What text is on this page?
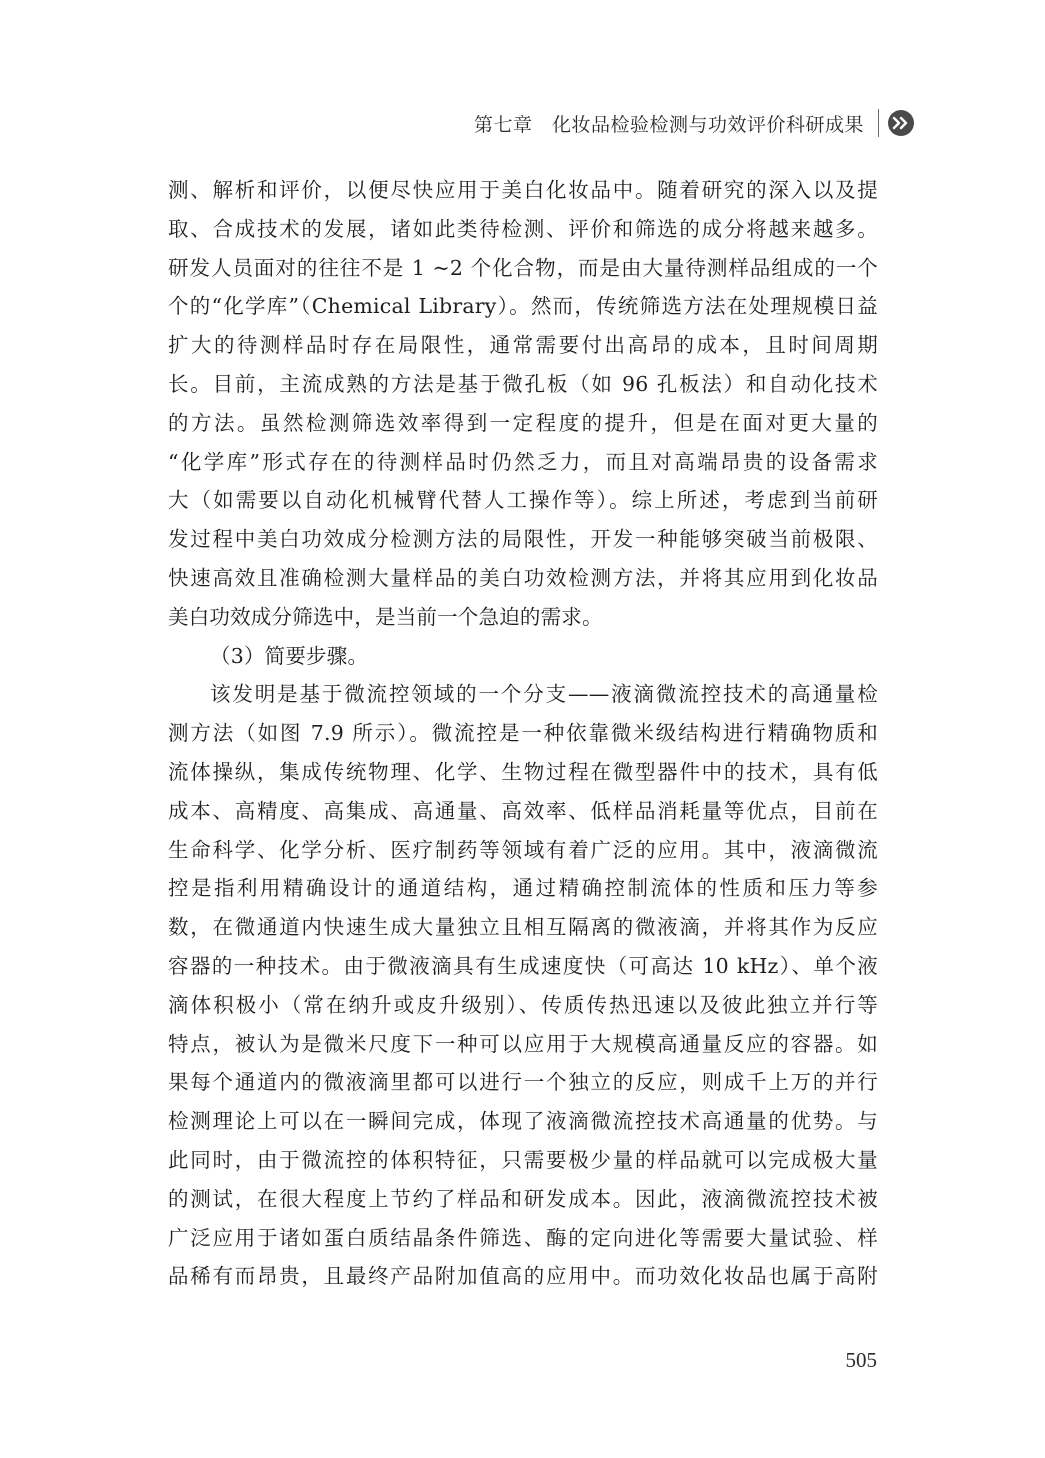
第七章　化妆品检验检测与功效评价科研成果
测、解析和评价，以便尽快应用于美白化妆品中。随着研究的深入以及提
取、合成技术的发展，诸如此类待检测、评价和筛选的成分将越来越多。
研发人员面对的往往不是 1 ~2 个化合物，而是由大量待测样品组成的一个
个的“化学库”（Chemical Library）。然而，传统筛选方法在处理规模日益
扩大的待测样品时存在局限性，通常需要付出高昂的成本，且时间周期
长。目前，主流成熟的方法是基于微孔板（如 96 孔板法）和自动化技术
的方法。虽然检测筛选效率得到一定程度的提升，但是在面对更大量的
“化学库”形式存在的待测样品时仍然乏力，而且对高端昂贵的设备需求
大（如需要以自动化机械臂代替人工操作等）。综上所述，考虑到当前研
发过程中美白功效成分检测方法的局限性，开发一种能够突破当前极限、
快速高效且准确检测大量样品的美白功效检测方法，并将其应用到化妆品
美白功效成分筛选中，是当前一个急迫的需求。
（3）简要步骤。
该发明是基于微流控领域的一个分支——液滴微流控技术的高通量检
测方法（如图 7.9 所示）。微流控是一种依靠微米级结构进行精确物质和
流体操纵，集成传统物理、化学、生物过程在微型器件中的技术，具有低
成本、高精度、高集成、高通量、高效率、低样品消耗量等优点，目前在
生命科学、化学分析、医疗制药等领域有着广泛的应用。其中，液滴微流
控是指利用精确设计的通道结构，通过精确控制流体的性质和压力等参
数，在微通道内快速生成大量独立且相互隔离的微液滴，并将其作为反应
容器的一种技术。由于微液滴具有生成速度快（可高达 10 kHz）、单个液
滴体积极小（常在纳升或皮升级别）、传质传热迅速以及彼此独立并行等
特点，被认为是微米尺度下一种可以应用于大规模高通量反应的容器。如
果每个通道内的微液滴里都可以进行一个独立的反应，则成千上万的并行
检测理论上可以在一瞬间完成，体现了液滴微流控技术高通量的优势。与
此同时，由于微流控的体积特征，只需要极少量的样品就可以完成极大量
的测试，在很大程度上节约了样品和研发成本。因此，液滴微流控技术被
广泛应用于诸如蛋白质结晶条件筛选、酶的定向进化等需要大量试验、样
品稀有而昂贵，且最终产品附加值高的应用中。而功效化妆品也属于高附
505
